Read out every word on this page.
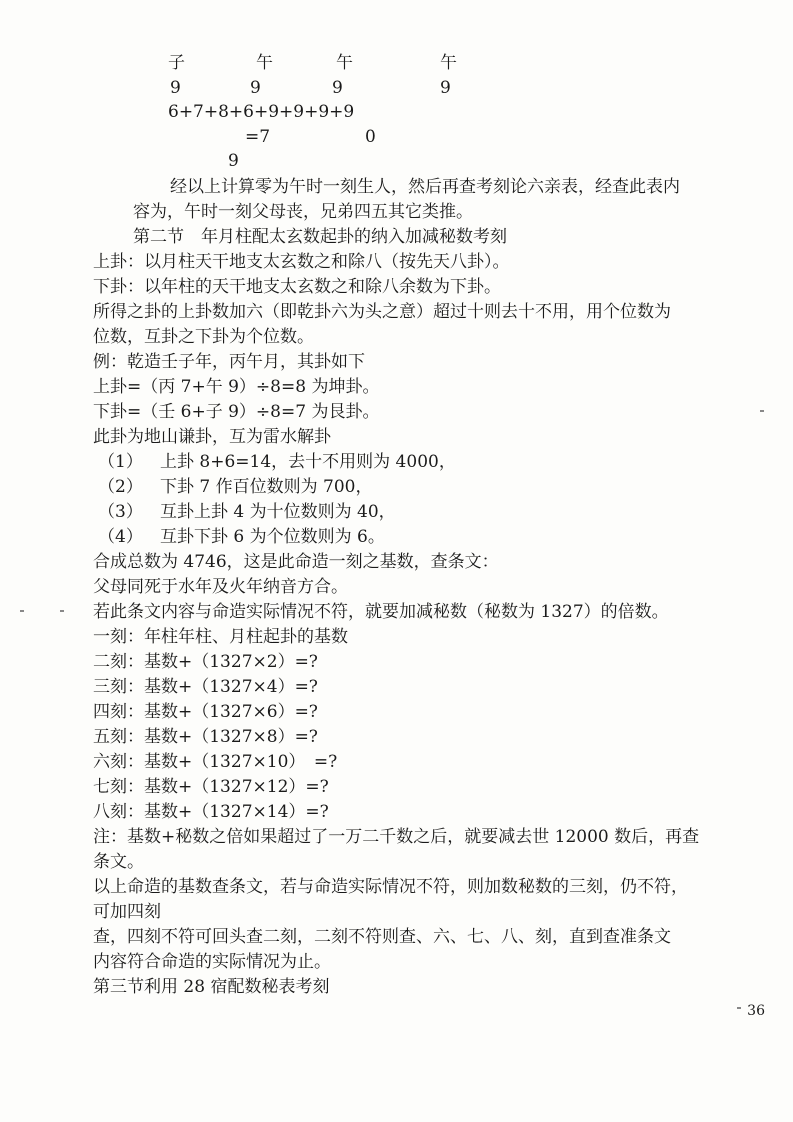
子	午	午	午
9	9	9	9
6+7+8+6+9+9+9+9
=7	0
9
经以上计算零为午时一刻生人，然后再查考刻论六亲表，经查此表内
容为，午时一刻父母丧，兄弟四五其它类推。
第二节　年月柱配太玄数起卦的纳入加减秘数考刻
上卦：以月柱天干地支太玄数之和除八（按先天八卦）。
下卦：以年柱的天干地支太玄数之和除八余数为下卦。
所得之卦的上卦数加六（即乾卦六为头之意）超过十则去十不用，用个位数为
位数，互卦之下卦为个位数。
例：乾造壬子年，丙午月，其卦如下
上卦=（丙 7+午 9）÷8=8 为坤卦。
下卦=（壬 6+子 9）÷8=7 为艮卦。
此卦为地山谦卦，互为雷水解卦
（1） 上卦 8+6=14，去十不用则为 4000，
（2） 下卦 7 作百位数则为 700，
（3） 互卦上卦 4 为十位数则为 40，
（4） 互卦下卦 6 为个位数则为 6。
合成总数为 4746，这是此命造一刻之基数，查条文：
父母同死于水年及火年纳音方合。
若此条文内容与命造实际情况不符，就要加减秘数（秘数为 1327）的倍数。
一刻：年柱年柱、月柱起卦的基数
二刻：基数+（1327×2）=?
三刻：基数+（1327×4）=?
四刻：基数+（1327×6）=?
五刻：基数+（1327×8）=?
六刻：基数+（1327×10）　=?
七刻：基数+（1327×12）=?
八刻：基数+（1327×14）=?
注：基数+秘数之倍如果超过了一万二千数之后，就要减去世 12000 数后，再查
条文。
以上命造的基数查条文，若与命造实际情况不符，则加数秘数的三刻，仍不符，
可加四刻
查，四刻不符可回头查二刻，二刻不符则查、六、七、八、刻，直到查准条文
内容符合命造的实际情况为止。
第三节利用 28 宿配数秘表考刻
36
